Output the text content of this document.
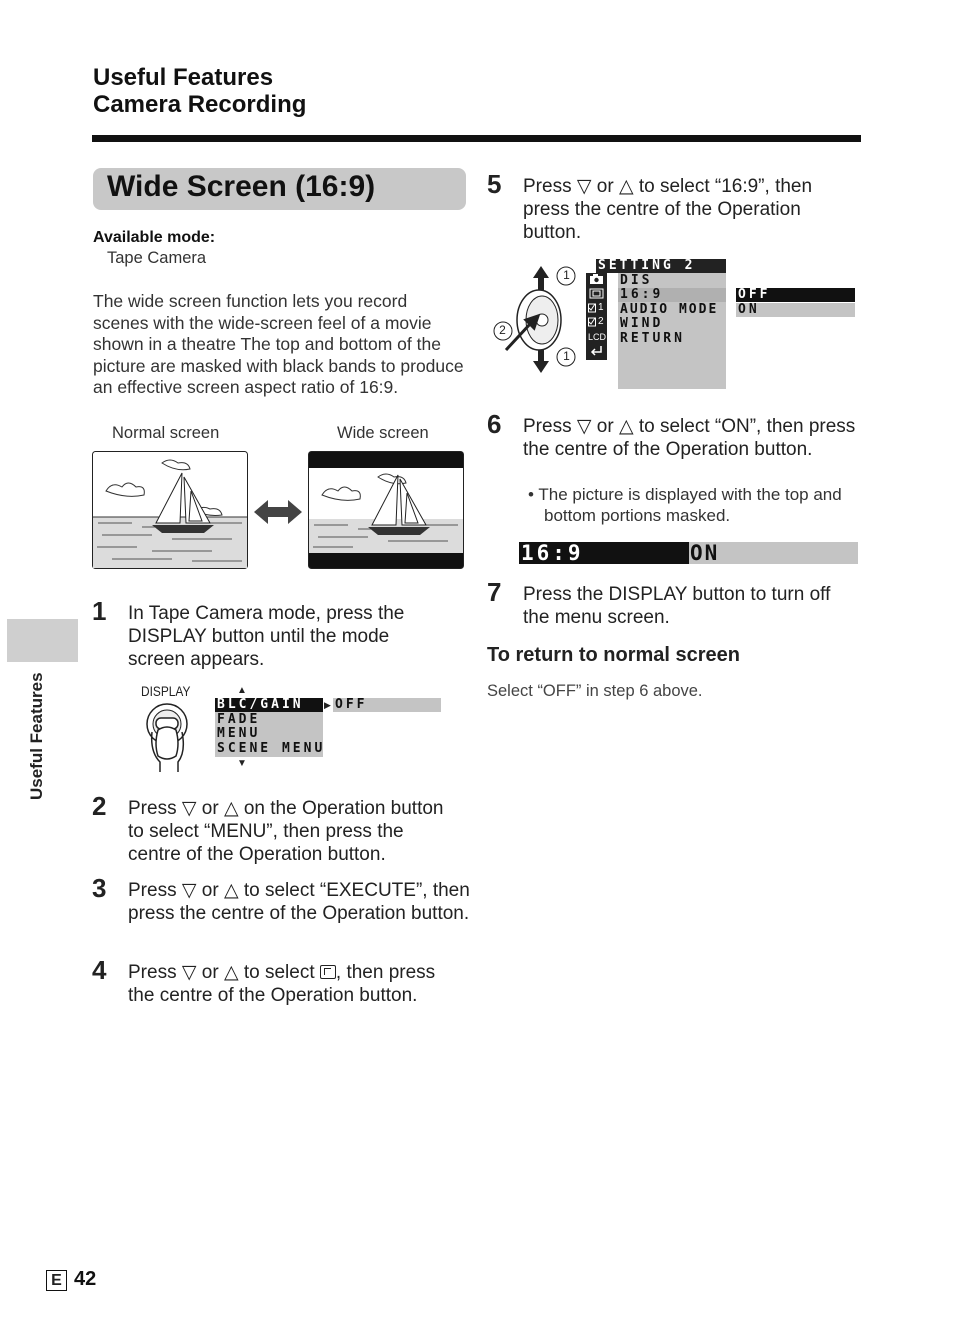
Useful Features
Camera Recording
Wide Screen (16:9)
Available mode:
Tape Camera
The wide screen function lets you record scenes with the wide-screen feel of a movie shown in a theatre The top and bottom of the picture are masked with black bands to produce an effective screen aspect ratio of 16:9.
Normal screen	Wide screen
1 In Tape Camera mode, press the DISPLAY button until the mode screen appears.
DISPLAY	▲
▼
BLC/GAIN
FADE
MENU
SCENE MENU
▶ OFF
2 Press ▽ or △ on the Operation button to select “MENU”, then press the centre of the Operation button.
3 Press ▽ or △ to select “EXECUTE”, then press the centre of the Operation button.
4 Press ▽ or △ to select , then press the centre of the Operation button.
5 Press ▽ or △ to select “16:9”, then press the centre of the Operation button.
1
2
1
1
2
LCD
SETTING 2
DIS
16:9
AUDIO MODE
WIND
RETURN
OFF
ON
6 Press ▽ or △ to select “ON”, then press the centre of the Operation button.
• The picture is displayed with the top and bottom portions masked.
16:9	ON
7 Press the DISPLAY button to turn off the menu screen.
To return to normal screen
Select “OFF” in step 6 above.
Useful Features
E 42
